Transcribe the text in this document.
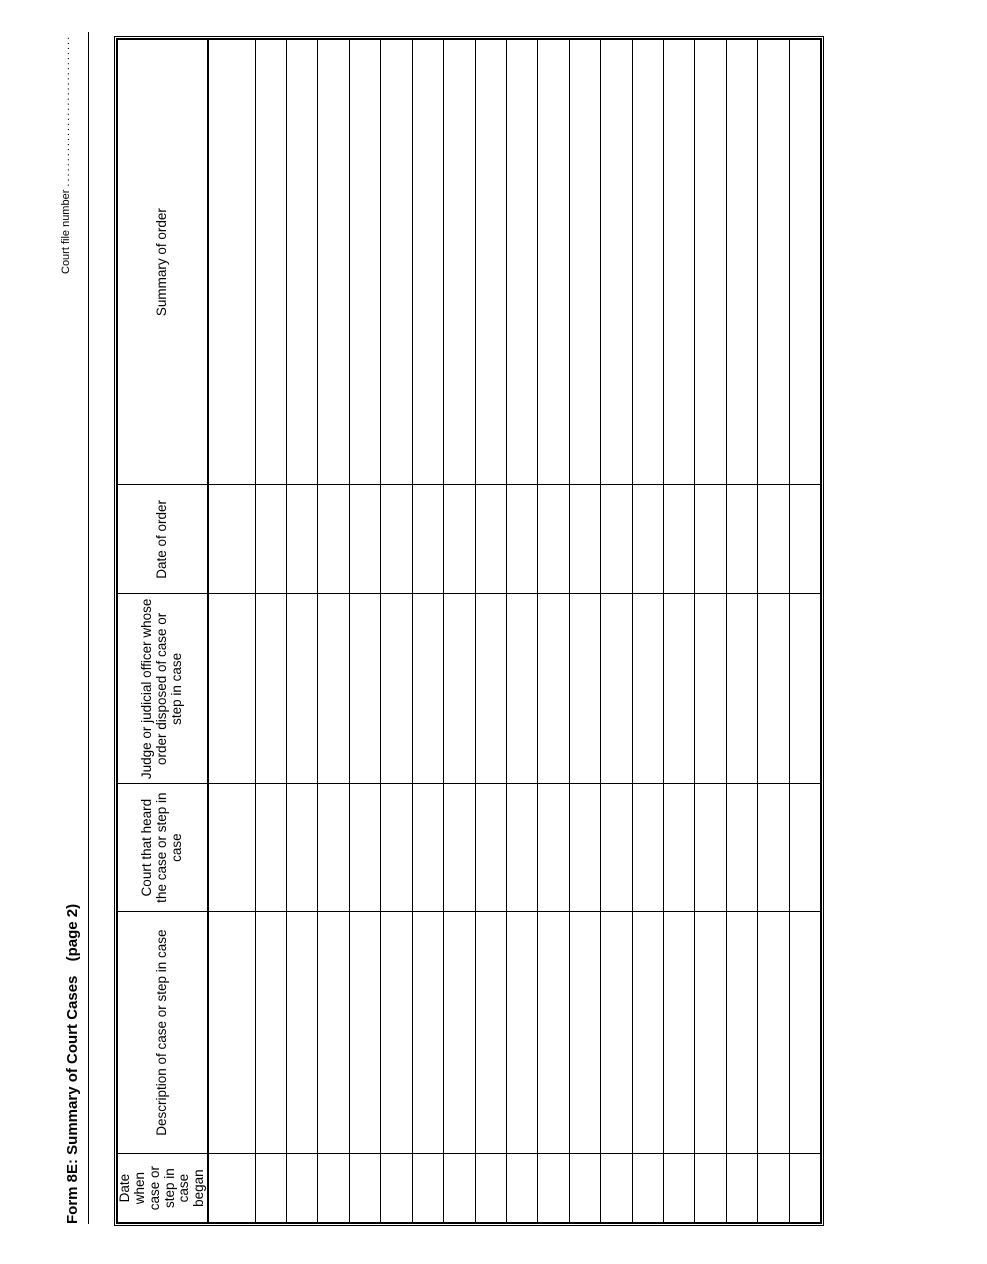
Form 8E: Summary of Court Cases (page 2)
Court file number ..............................
Date when case or step in case began	Description of case or step in case	Court that heard the case or step in case	Judge or judicial officer whose order disposed of case or step in case	Date of order	Summary of order
